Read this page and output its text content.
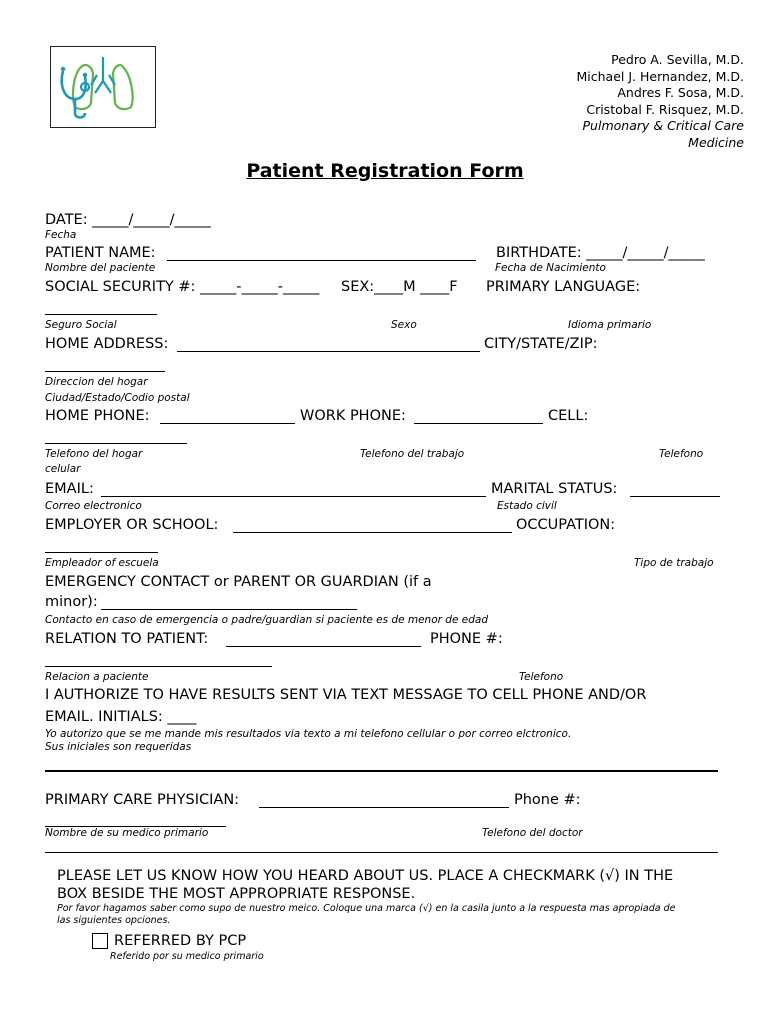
Pedro A. Sevilla, M.D.
Michael J. Hernandez, M.D.
Andres F. Sosa, M.D.
Cristobal F. Risquez, M.D.
Pulmonary & Critical Care
Medicine
Patient Registration Form
DATE: _____/_____/_____
Fecha
PATIENT NAME:	BIRTHDATE: _____/_____/_____
Nombre del paciente	Fecha de Nacimiento
SOCIAL SECURITY #: _____-_____-_____ SEX:____M ____F PRIMARY LANGUAGE:
Seguro Social	Sexo	Idioma primario
HOME ADDRESS:	CITY/STATE/ZIP:
Direccion del hogar
Ciudad/Estado/Codio postal
HOME PHONE:	WORK PHONE:	CELL:
Telefono del hogar	Telefono del trabajo	Telefono
celular
EMAIL:	MARITAL STATUS:
Correo electronico	Estado civil
EMPLOYER OR SCHOOL:	OCCUPATION:
Empleador of escuela	Tipo de trabajo
EMERGENCY CONTACT or PARENT OR GUARDIAN (if a
minor):
Contacto en caso de emergencia o padre/guardian si paciente es de menor de edad
RELATION TO PATIENT:	PHONE #:
Relacion a paciente	Telefono
I AUTHORIZE TO HAVE RESULTS SENT VIA TEXT MESSAGE TO CELL PHONE AND/OR
EMAIL. INITIALS: ____
Yo autorizo que se me mande mis resultados via texto a mi telefono cellular o por correo elctronico.
Sus iniciales son requeridas
PRIMARY CARE PHYSICIAN:	Phone #:
Nombre de su medico primario	Telefono del doctor
PLEASE LET US KNOW HOW YOU HEARD ABOUT US. PLACE A CHECKMARK (√) IN THE
BOX BESIDE THE MOST APPROPRIATE RESPONSE.
Por favor hagamos saber como supo de nuestro meico. Coloque una marca (√) en la casila junto a la respuesta mas apropiada de
las siguientes opciones.
REFERRED BY PCP
Referido por su medico primario
